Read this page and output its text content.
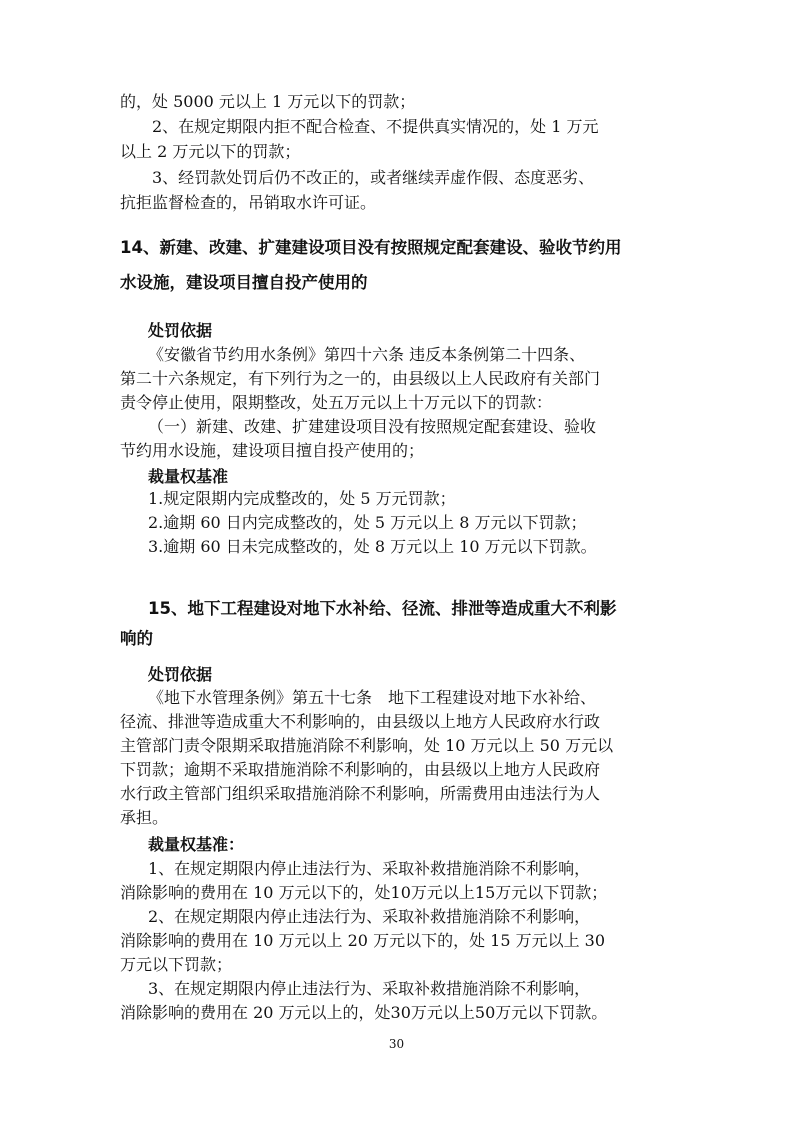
的，处 5000 元以上 1 万元以下的罚款；

2、在规定期限内拒不配合检查、不提供真实情况的，处 1 万元

以上 2 万元以下的罚款；

3、经罚款处罚后仍不改正的，或者继续弄虚作假、态度恶劣、

抗拒监督检查的，吊销取水许可证。

14、新建、改建、扩建建设项目没有按照规定配套建设、验收节约用

水设施，建设项目擅自投产使用的

处罚依据

《安徽省节约用水条例》第四十六条 违反本条例第二十四条、

第二十六条规定，有下列行为之一的，由县级以上人民政府有关部门

责令停止使用，限期整改，处五万元以上十万元以下的罚款：

（一）新建、改建、扩建建设项目没有按照规定配套建设、验收

节约用水设施，建设项目擅自投产使用的；

裁量权基准

1.规定限期内完成整改的，处 5 万元罚款；

2.逾期 60 日内完成整改的，处 5 万元以上 8 万元以下罚款；

3.逾期 60 日未完成整改的，处 8 万元以上 10 万元以下罚款。

15、地下工程建设对地下水补给、径流、排泄等造成重大不利影

响的

处罚依据

《地下水管理条例》第五十七条　地下工程建设对地下水补给、

径流、排泄等造成重大不利影响的，由县级以上地方人民政府水行政

主管部门责令限期采取措施消除不利影响，处 10 万元以上 50 万元以

下罚款；逾期不采取措施消除不利影响的，由县级以上地方人民政府

水行政主管部门组织采取措施消除不利影响，所需费用由违法行为人

承担。

裁量权基准：

1、在规定期限内停止违法行为、采取补救措施消除不利影响，

消除影响的费用在 10 万元以下的，处10万元以上15万元以下罚款；

2、在规定期限内停止违法行为、采取补救措施消除不利影响，

消除影响的费用在 10 万元以上 20 万元以下的，处 15 万元以上 30

万元以下罚款；

3、在规定期限内停止违法行为、采取补救措施消除不利影响，

消除影响的费用在 20 万元以上的，处30万元以上50万元以下罚款。

30
